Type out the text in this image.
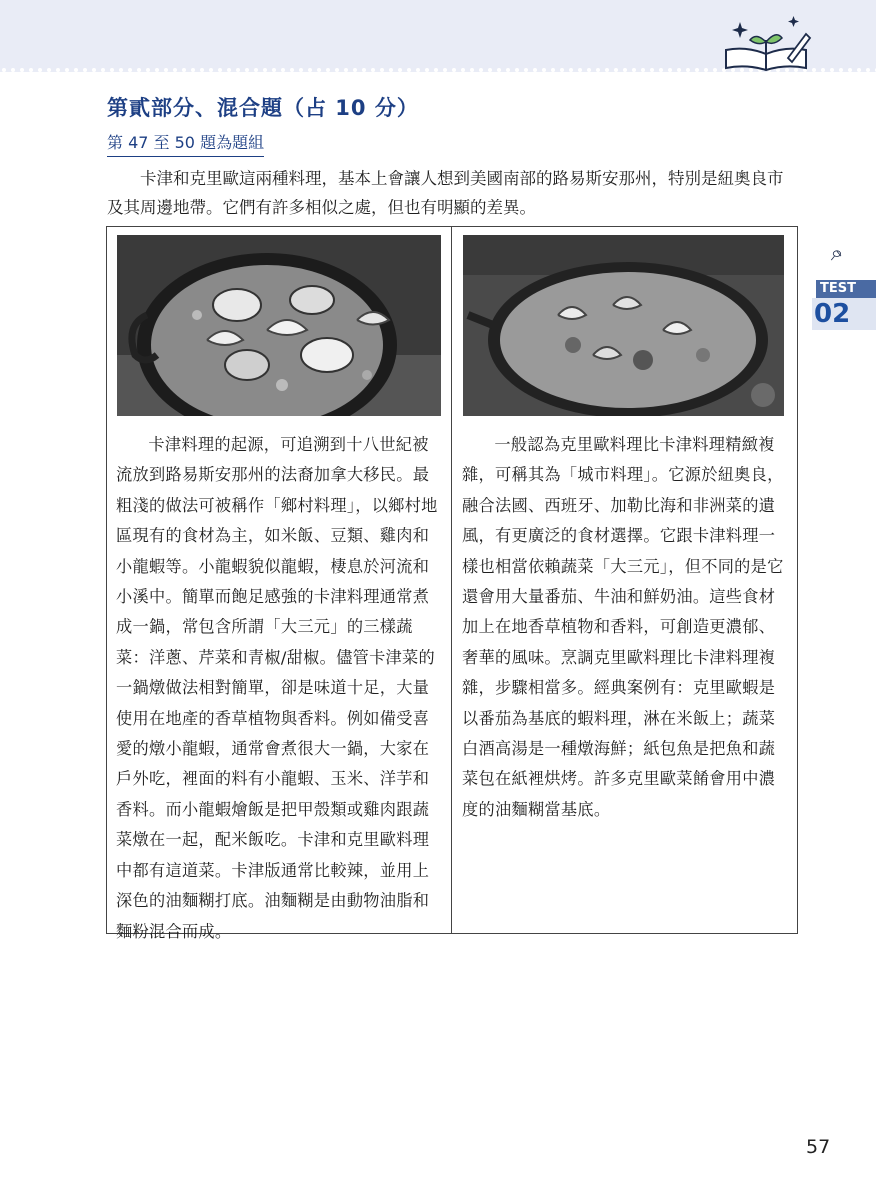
第貳部分、混合題（占 10 分）
第 47 至 50 題為題組

卡津和克里歐這兩種料理，基本上會讓人想到美國南部的路易斯安那州，特別是紐奧良市及其周邊地帶。它們有許多相似之處，但也有明顯的差異。

TEST
02

卡津料理的起源，可追溯到十八世紀被流放到路易斯安那州的法裔加拿大移民。最粗淺的做法可被稱作「鄉村料理」，以鄉村地區現有的食材為主，如米飯、豆類、雞肉和小龍蝦等。小龍蝦貌似龍蝦，棲息於河流和小溪中。簡單而飽足感強的卡津料理通常煮成一鍋，常包含所謂「大三元」的三樣蔬菜：洋蔥、芹菜和青椒/甜椒。儘管卡津菜的一鍋燉做法相對簡單，卻是味道十足，大量使用在地產的香草植物與香料。例如備受喜愛的燉小龍蝦，通常會煮很大一鍋，大家在戶外吃，裡面的料有小龍蝦、玉米、洋芋和香料。而小龍蝦燴飯是把甲殼類或雞肉跟蔬菜燉在一起，配米飯吃。卡津和克里歐料理中都有這道菜。卡津版通常比較辣，並用上深色的油麵糊打底。油麵糊是由動物油脂和麵粉混合而成。

一般認為克里歐料理比卡津料理精緻複雜，可稱其為「城市料理」。它源於紐奧良，融合法國、西班牙、加勒比海和非洲菜的遺風，有更廣泛的食材選擇。它跟卡津料理一樣也相當依賴蔬菜「大三元」，但不同的是它還會用大量番茄、牛油和鮮奶油。這些食材加上在地香草植物和香料，可創造更濃郁、奢華的風味。烹調克里歐料理比卡津料理複雜，步驟相當多。經典案例有：克里歐蝦是以番茄為基底的蝦料理，淋在米飯上；蔬菜白酒高湯是一種燉海鮮；紙包魚是把魚和蔬菜包在紙裡烘烤。許多克里歐菜餚會用中濃度的油麵糊當基底。

57
